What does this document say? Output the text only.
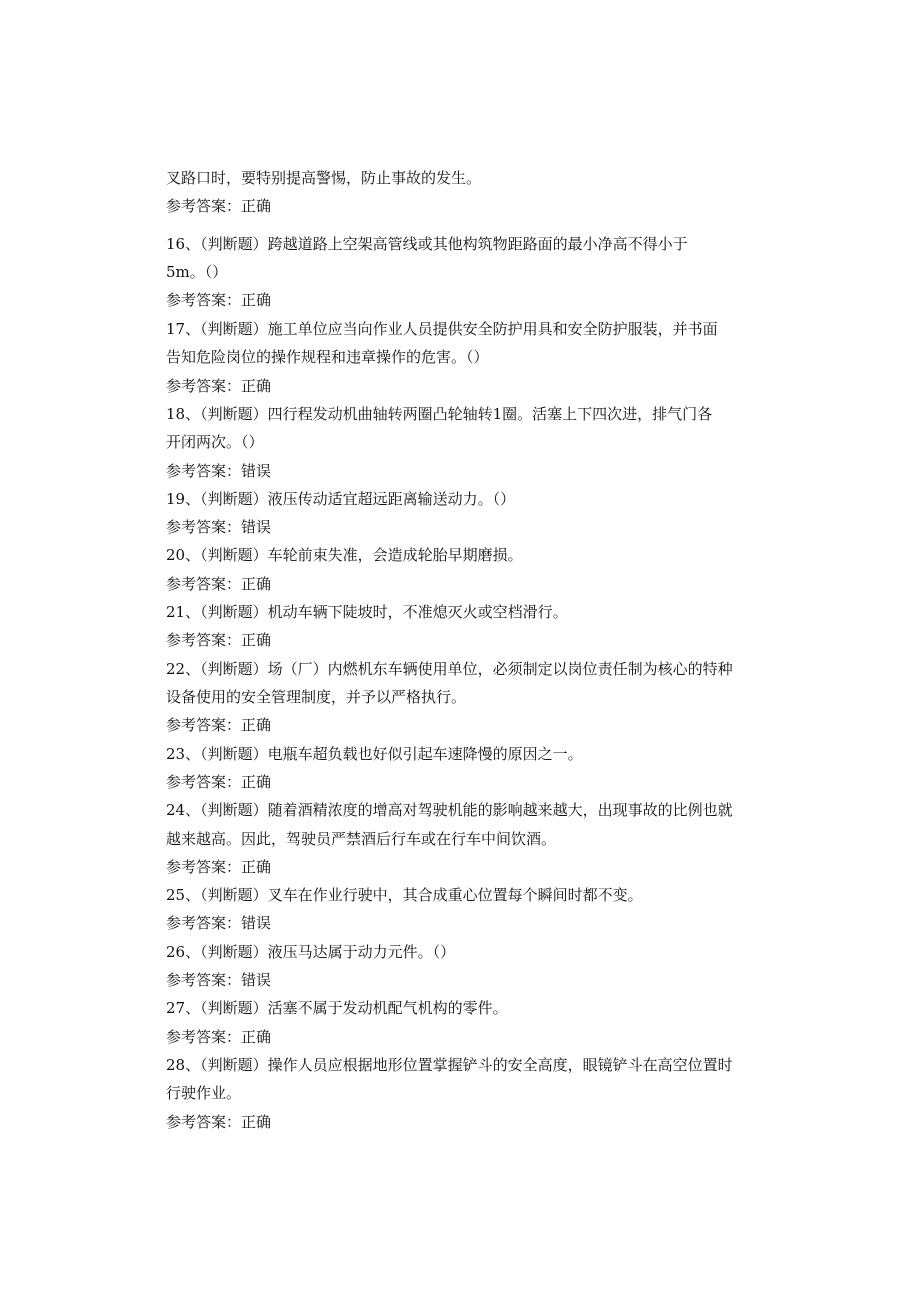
叉路口时，要特别提高警惕，防止事故的发生。
参考答案：正确
16、（判断题）跨越道路上空架高管线或其他构筑物距路面的最小净高不得小于
5m。（）
参考答案：正确
17、（判断题）施工单位应当向作业人员提供安全防护用具和安全防护服装，并书面
告知危险岗位的操作规程和违章操作的危害。（）
参考答案：正确
18、（判断题）四行程发动机曲轴转两圈凸轮轴转1圈。活塞上下四次进，排气门各
开闭两次。（）
参考答案：错误
19、（判断题）液压传动适宜超远距离输送动力。（）
参考答案：错误
20、（判断题）车轮前束失准，会造成轮胎早期磨损。
参考答案：正确
21、（判断题）机动车辆下陡坡时，不准熄灭火或空档滑行。
参考答案：正确
22、（判断题）场（厂）内燃机东车辆使用单位，必须制定以岗位责任制为核心的特种
设备使用的安全管理制度，并予以严格执行。
参考答案：正确
23、（判断题）电瓶车超负载也好似引起车速降慢的原因之一。
参考答案：正确
24、（判断题）随着酒精浓度的增高对驾驶机能的影响越来越大，出现事故的比例也就
越来越高。因此，驾驶员严禁酒后行车或在行车中间饮酒。
参考答案：正确
25、（判断题）叉车在作业行驶中，其合成重心位置每个瞬间时都不变。
参考答案：错误
26、（判断题）液压马达属于动力元件。（）
参考答案：错误
27、（判断题）活塞不属于发动机配气机构的零件。
参考答案：正确
28、（判断题）操作人员应根据地形位置掌握铲斗的安全高度，眼镜铲斗在高空位置时
行驶作业。
参考答案：正确
